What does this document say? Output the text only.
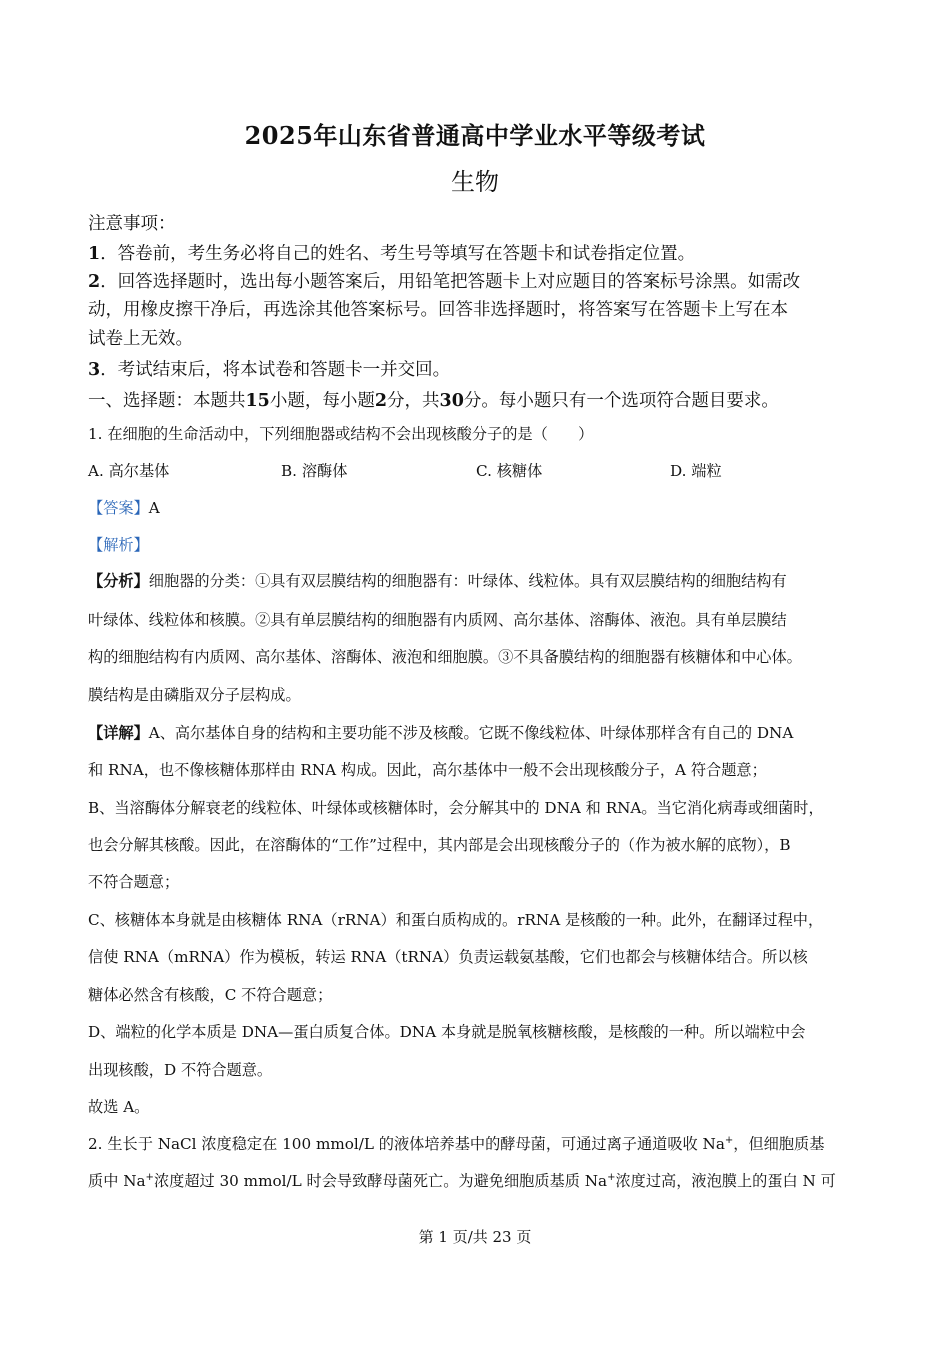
2025年山东省普通高中学业水平等级考试
生物
注意事项：
1．答卷前，考生务必将自己的姓名、考生号等填写在答题卡和试卷指定位置。
2．回答选择题时，选出每小题答案后，用铅笔把答题卡上对应题目的答案标号涂黑。如需改
动，用橡皮擦干净后，再选涂其他答案标号。回答非选择题时，将答案写在答题卡上写在本
试卷上无效。
3．考试结束后，将本试卷和答题卡一并交回。
一、选择题：本题共15小题，每小题2分，共30分。每小题只有一个选项符合题目要求。
1. 在细胞的生命活动中，下列细胞器或结构不会出现核酸分子的是（　　）
A. 高尔基体	B. 溶酶体	C. 核糖体	D. 端粒
【答案】A
【解析】
【分析】细胞器的分类：①具有双层膜结构的细胞器有：叶绿体、线粒体。具有双层膜结构的细胞结构有
叶绿体、线粒体和核膜。②具有单层膜结构的细胞器有内质网、高尔基体、溶酶体、液泡。具有单层膜结
构的细胞结构有内质网、高尔基体、溶酶体、液泡和细胞膜。③不具备膜结构的细胞器有核糖体和中心体。
膜结构是由磷脂双分子层构成。
【详解】A、高尔基体自身的结构和主要功能不涉及核酸。它既不像线粒体、叶绿体那样含有自己的 DNA
和 RNA，也不像核糖体那样由 RNA 构成。因此，高尔基体中一般不会出现核酸分子，A 符合题意；
B、当溶酶体分解衰老的线粒体、叶绿体或核糖体时，会分解其中的 DNA 和 RNA。当它消化病毒或细菌时，
也会分解其核酸。因此，在溶酶体的“工作”过程中，其内部是会出现核酸分子的（作为被水解的底物），B
不符合题意；
C、核糖体本身就是由核糖体 RNA（rRNA）和蛋白质构成的。rRNA 是核酸的一种。此外，在翻译过程中，
信使 RNA（mRNA）作为模板，转运 RNA（tRNA）负责运载氨基酸，它们也都会与核糖体结合。所以核
糖体必然含有核酸，C 不符合题意；
D、端粒的化学本质是 DNA—蛋白质复合体。DNA 本身就是脱氧核糖核酸，是核酸的一种。所以端粒中会
出现核酸，D 不符合题意。
故选 A。
2. 生长于 NaCl 浓度稳定在 100 mmol/L 的液体培养基中的酵母菌，可通过离子通道吸收 Na+，但细胞质基
质中 Na+浓度超过 30 mmol/L 时会导致酵母菌死亡。为避免细胞质基质 Na+浓度过高，液泡膜上的蛋白 N 可
第 1 页/共 23 页
